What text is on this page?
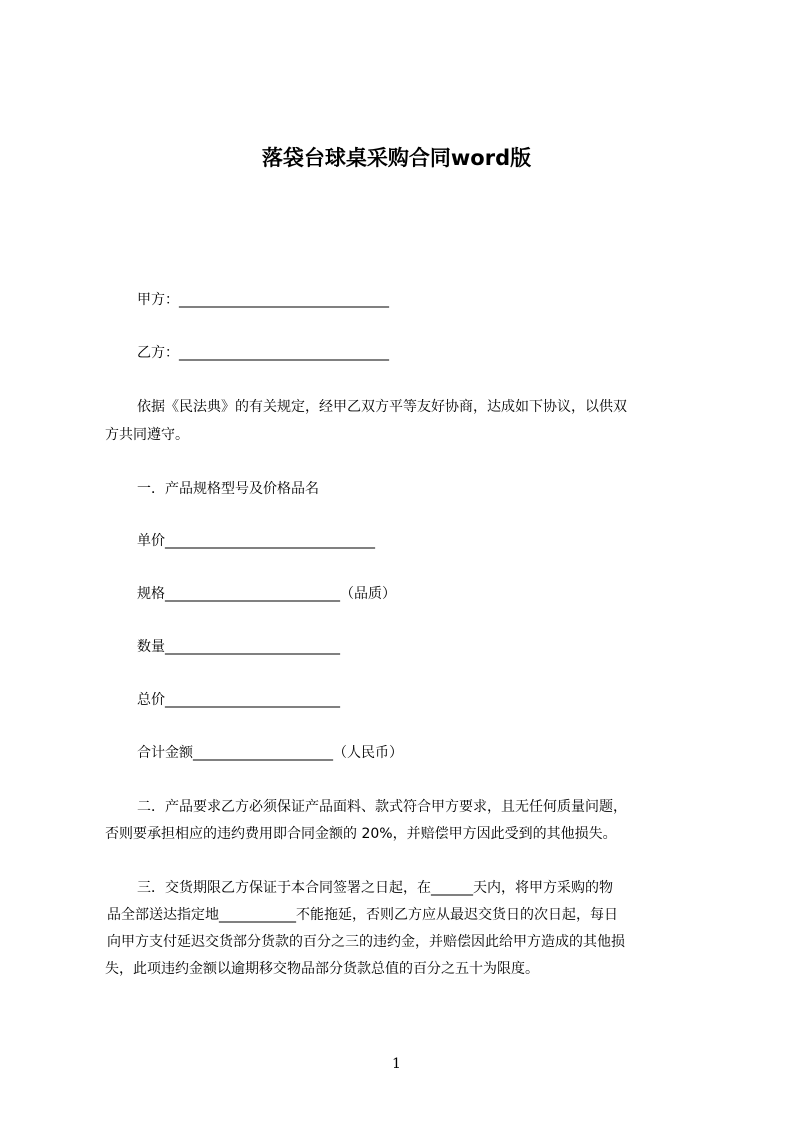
落袋台球桌采购合同word版

甲方：______________________________

乙方：______________________________

依据《民法典》的有关规定，经甲乙双方平等友好协商，达成如下协议，以供双

方共同遵守。

一．产品规格型号及价格品名

单价______________________________

规格_________________________（品质）

数量_________________________

总价_________________________

合计金额____________________（人民币）

二．产品要求乙方必须保证产品面料、款式符合甲方要求，且无任何质量问题，

否则要承担相应的违约费用即合同金额的 20%，并赔偿甲方因此受到的其他损失。

三．交货期限乙方保证于本合同签署之日起，在______天内，将甲方采购的物

品全部送达指定地___________不能拖延，否则乙方应从最迟交货日的次日起，每日

向甲方支付延迟交货部分货款的百分之三的违约金，并赔偿因此给甲方造成的其他损

失，此项违约金额以逾期移交物品部分货款总值的百分之五十为限度。

1
